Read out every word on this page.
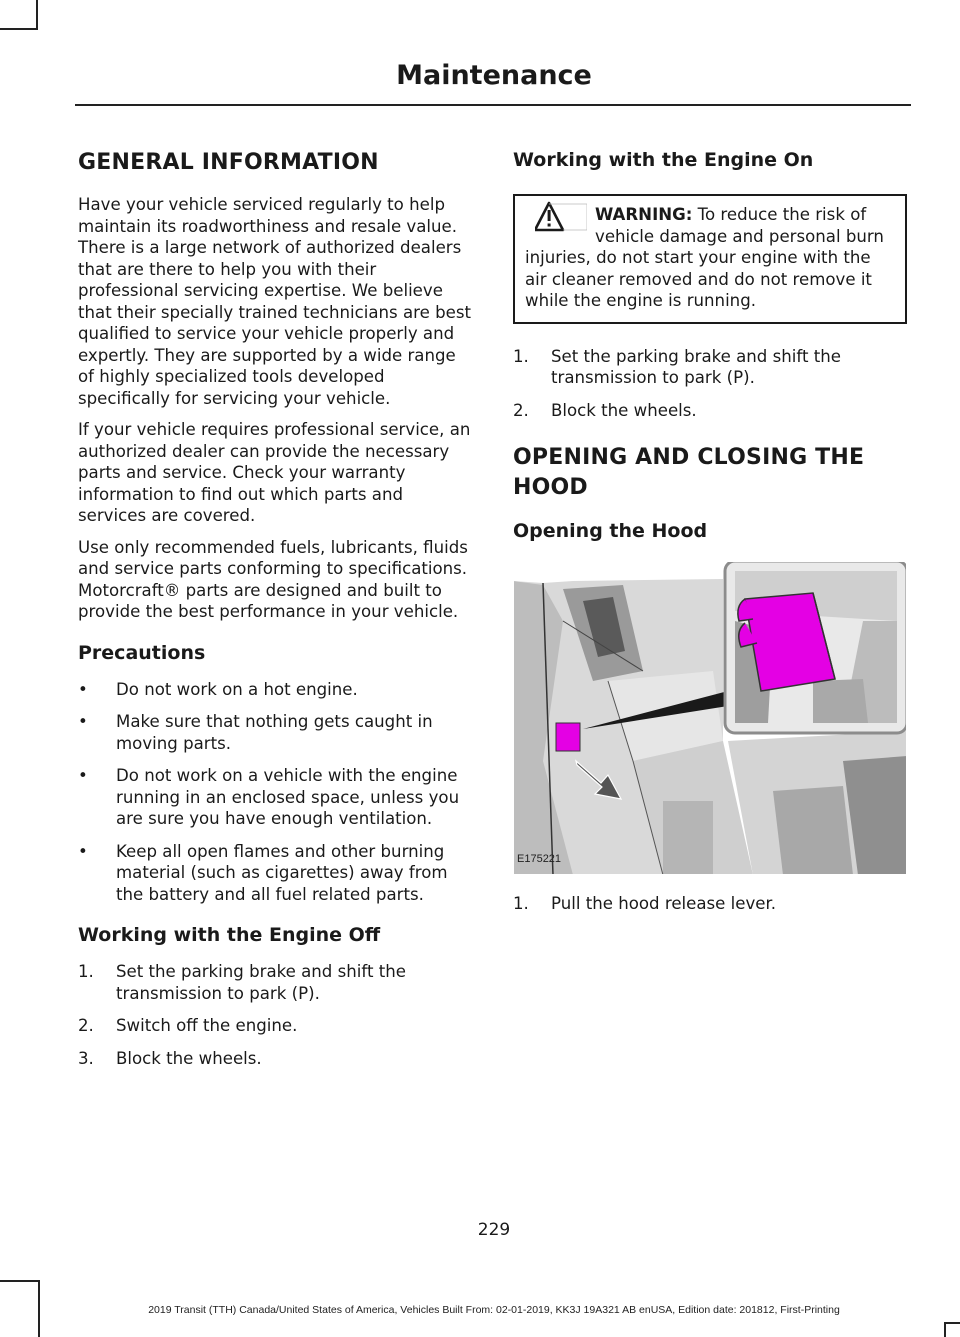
Maintenance
GENERAL INFORMATION

Have your vehicle serviced regularly to help maintain its roadworthiness and resale value. There is a large network of authorized dealers that are there to help you with their professional servicing expertise. We believe that their specially trained technicians are best qualified to service your vehicle properly and expertly. They are supported by a wide range of highly specialized tools developed specifically for servicing your vehicle.

If your vehicle requires professional service, an authorized dealer can provide the necessary parts and service. Check your warranty information to find out which parts and services are covered.

Use only recommended fuels, lubricants, fluids and service parts conforming to specifications. Motorcraft® parts are designed and built to provide the best performance in your vehicle.

Precautions
• Do not work on a hot engine.
• Make sure that nothing gets caught in moving parts.
• Do not work on a vehicle with the engine running in an enclosed space, unless you are sure you have enough ventilation.
• Keep all open flames and other burning material (such as cigarettes) away from the battery and all fuel related parts.
Working with the Engine Off
1. Set the parking brake and shift the transmission to park (P).
2. Switch off the engine.
3. Block the wheels.
Working with the Engine On

WARNING: To reduce the risk of vehicle damage and personal burn injuries, do not start your engine with the air cleaner removed and do not remove it while the engine is running.

1. Set the parking brake and shift the transmission to park (P).
2. Block the wheels.
OPENING AND CLOSING THE
HOOD
Opening the Hood
E175221
1. Pull the hood release lever.
229
2019 Transit (TTH) Canada/United States of America, Vehicles Built From: 02-01-2019, KK3J 19A321 AB enUSA, Edition date: 201812, First-Printing
